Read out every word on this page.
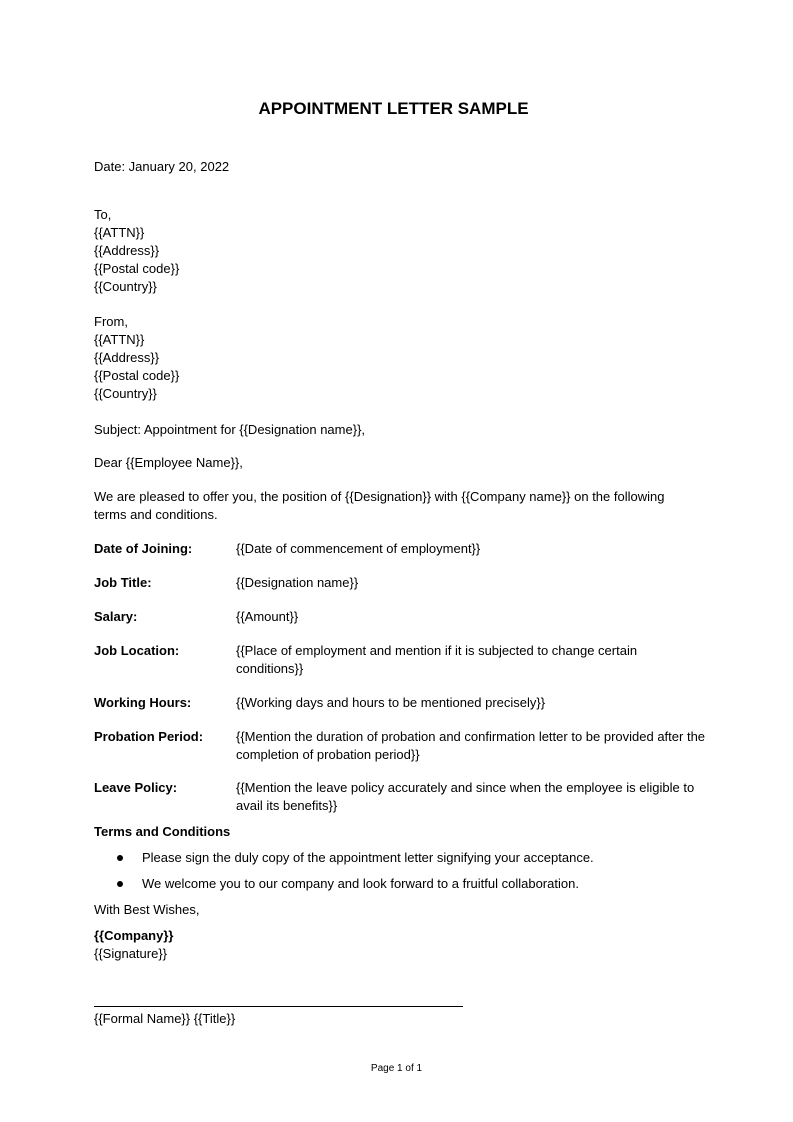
APPOINTMENT LETTER SAMPLE
Date: January 20, 2022
To,
{{ATTN}}
{{Address}}
{{Postal code}}
{{Country}}
From,
{{ATTN}}
{{Address}}
{{Postal code}}
{{Country}}
Subject: Appointment for {{Designation name}},
Dear {{Employee Name}},
We are pleased to offer you, the position of {{Designation}} with {{Company name}} on the following terms and conditions.
Date of Joining:	{{Date of commencement of employment}}
Job Title:	{{Designation name}}
Salary:	{{Amount}}
Job Location:	{{Place of employment and mention if it is subjected to change certain conditions}}
Working Hours:	{{Working days and hours to be mentioned precisely}}
Probation Period:	{{Mention the duration of probation and confirmation letter to be provided after the completion of probation period}}
Leave Policy:	{{Mention the leave policy accurately and since when the employee is eligible to avail its benefits}}
Terms and Conditions
Please sign the duly copy of the appointment letter signifying your acceptance.
We welcome you to our company and look forward to a fruitful collaboration.
With Best Wishes,
{{Company}}
{{Signature}}
{{Formal Name}} {{Title}}
Page 1 of 1
